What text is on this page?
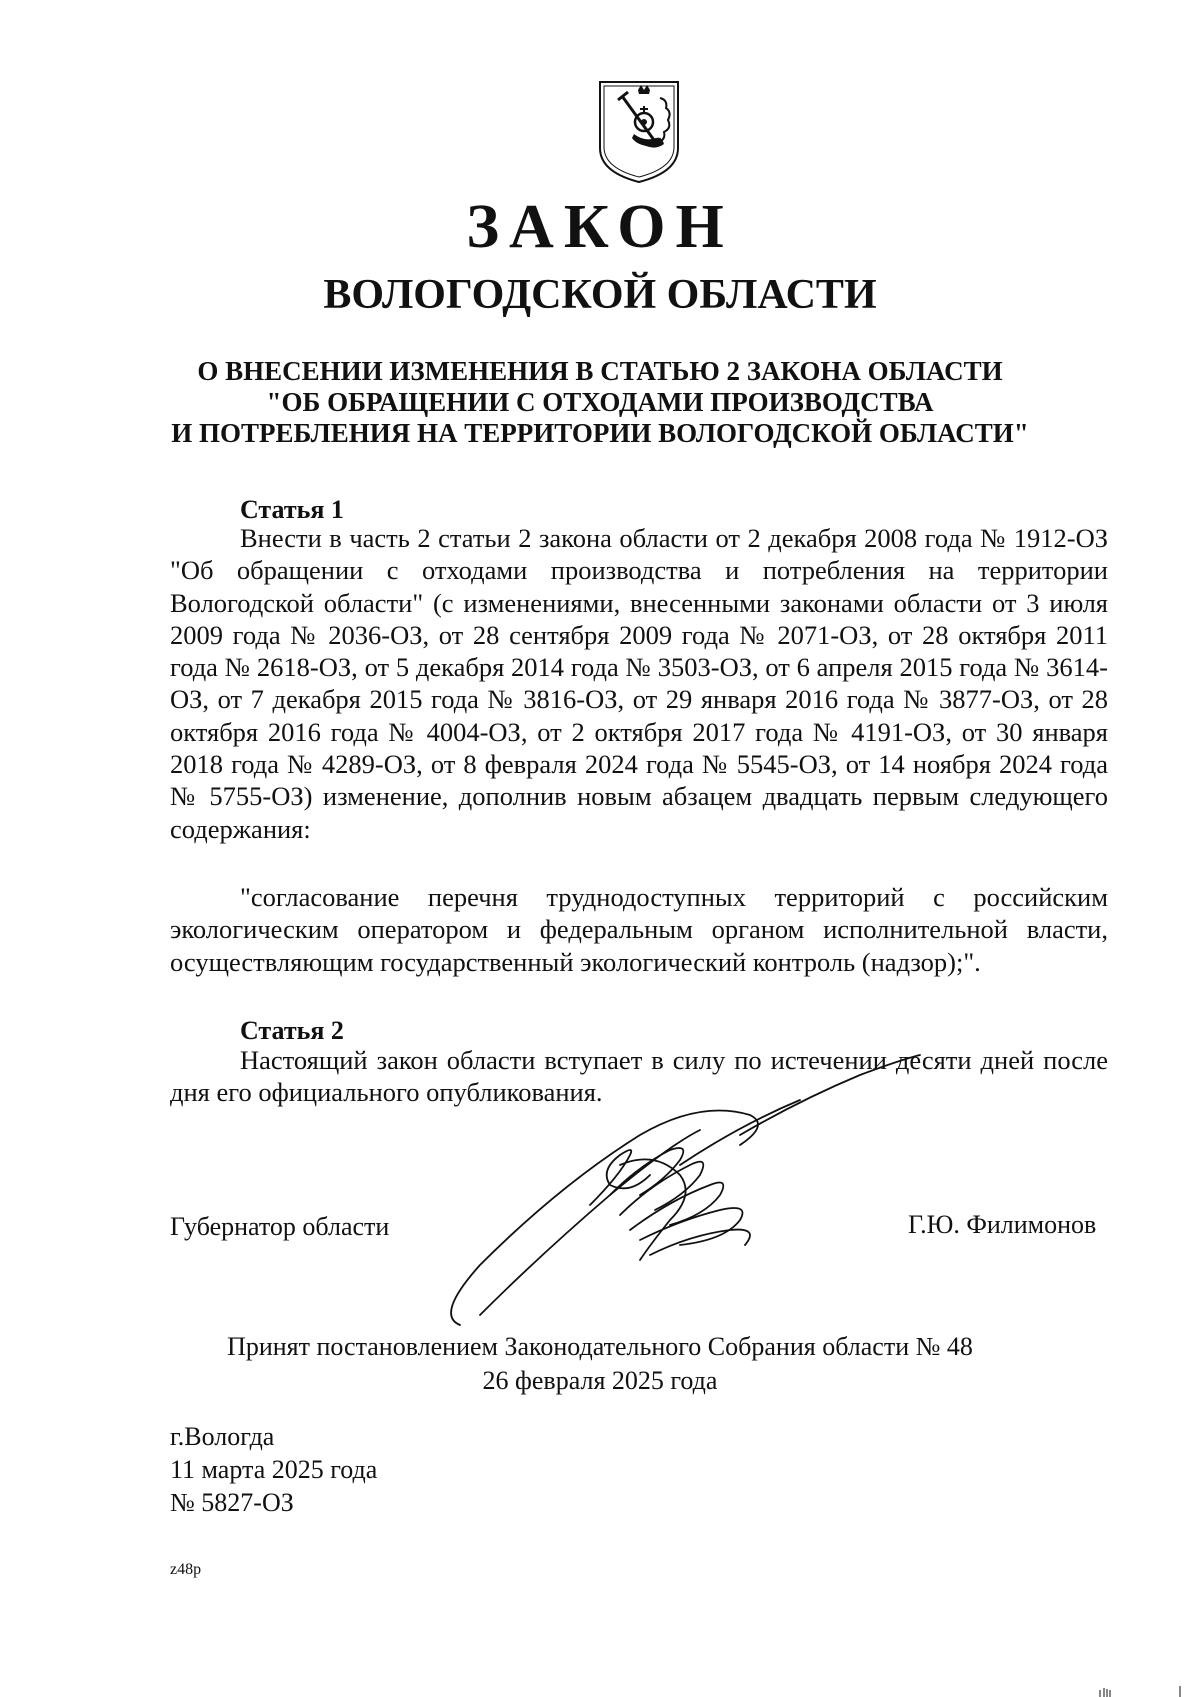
ЗАКОН
ВОЛОГОДСКОЙ ОБЛАСТИ
О ВНЕСЕНИИ ИЗМЕНЕНИЯ В СТАТЬЮ 2 ЗАКОНА ОБЛАСТИ
"ОБ ОБРАЩЕНИИ С ОТХОДАМИ ПРОИЗВОДСТВА
И ПОТРЕБЛЕНИЯ НА ТЕРРИТОРИИ ВОЛОГОДСКОЙ ОБЛАСТИ"
Статья 1
Внести в часть 2 статьи 2 закона области от 2 декабря 2008 года № 1912-ОЗ "Об обращении с отходами производства и потребления на территории Вологодской области" (с изменениями, внесенными законами области от 3 июля 2009 года № 2036-ОЗ, от 28 сентября 2009 года № 2071-ОЗ, от 28 октября 2011 года № 2618-ОЗ, от 5 декабря 2014 года № 3503-ОЗ, от 6 апреля 2015 года № 3614-ОЗ, от 7 декабря 2015 года № 3816-ОЗ, от 29 января 2016 года № 3877-ОЗ, от 28 октября 2016 года № 4004-ОЗ, от 2 октября 2017 года № 4191-ОЗ, от 30 января 2018 года № 4289-ОЗ, от 8 февраля 2024 года № 5545-ОЗ, от 14 ноября 2024 года № 5755-ОЗ) изменение, дополнив новым абзацем двадцать первым следующего содержания:
"согласование перечня труднодоступных территорий с российским экологическим оператором и федеральным органом исполнительной власти, осуществляющим государственный экологический контроль (надзор);".
Статья 2
Настоящий закон области вступает в силу по истечении десяти дней после дня его официального опубликования.
Губернатор области	Г.Ю. Филимонов
Принят постановлением Законодательного Собрания области № 48
26 февраля 2025 года
г.Вологда
11 марта 2025 года
№ 5827-ОЗ
z48p
